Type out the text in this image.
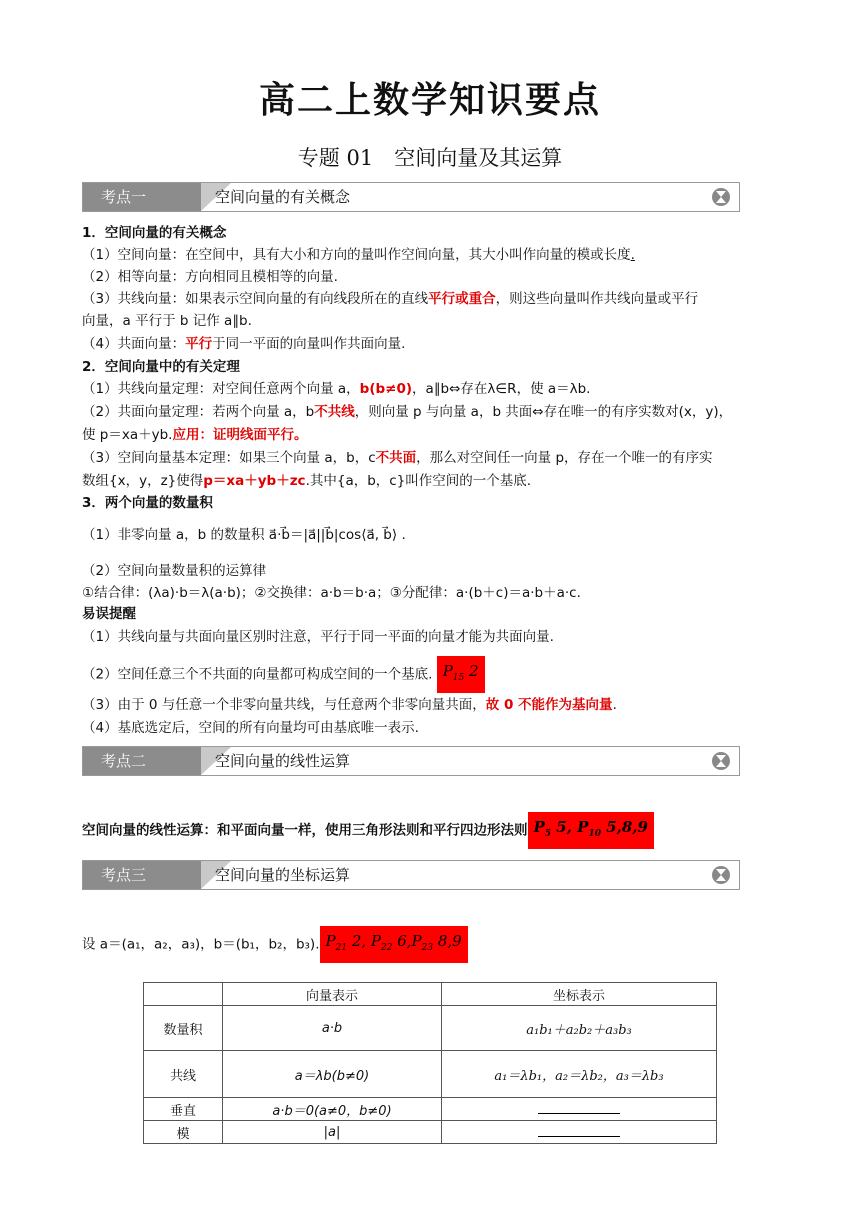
高二上数学知识要点
专题 01　空间向量及其运算
考点一	空间向量的有关概念
1．空间向量的有关概念
（1）空间向量：在空间中，具有大小和方向的量叫作空间向量，其大小叫作向量的模或长度.
（2）相等向量：方向相同且模相等的向量.
（3）共线向量：如果表示空间向量的有向线段所在的直线平行或重合，则这些向量叫作共线向量或平行
向量，a 平行于 b 记作 a∥b.
（4）共面向量：平行于同一平面的向量叫作共面向量.
2．空间向量中的有关定理
（1）共线向量定理：对空间任意两个向量 a，b(b≠0)，a∥b⇔存在λ∈R，使 a＝λb.
（2）共面向量定理：若两个向量 a，b不共线，则向量 p 与向量 a，b 共面⇔存在唯一的有序实数对(x，y)，
使 p＝xa＋yb.应用：证明线面平行。
（3）空间向量基本定理：如果三个向量 a，b，c不共面，那么对空间任一向量 p，存在一个唯一的有序实
数组{x，y，z}使得p＝xa＋yb＋zc.其中{a，b，c}叫作空间的一个基底.
3．两个向量的数量积
（1）非零向量 a，b 的数量积 a⃗·b⃗＝|a⃗||b⃗|cos⟨a⃗, b⃗⟩ .
（2）空间向量数量积的运算律
①结合律：(λa)·b＝λ(a·b)；②交换律：a·b＝b·a；③分配律：a·(b＋c)＝a·b＋a·c.
易误提醒
（1）共线向量与共面向量区别时注意，平行于同一平面的向量才能为共面向量.
（2）空间任意三个不共面的向量都可构成空间的一个基底. $P_{15}$ 2
（3）由于 0 与任意一个非零向量共线，与任意两个非零向量共面，故 0 不能作为基向量.
（4）基底选定后，空间的所有向量均可由基底唯一表示.
考点二	空间向量的线性运算
空间向量的线性运算：和平面向量一样，使用三角形法则和平行四边形法则 $P_5$ 5, $P_{10}$ 5,8,9
考点三	空间向量的坐标运算
设 a＝(a₁，a₂，a₃)，b＝(b₁，b₂，b₃). $P_{21}$ 2, $P_{22}$ $6,P_{23}$ 8,9
	向量表示	坐标表示
数量积	a·b	a₁b₁＋a₂b₂＋a₃b₃
共线	a＝λb(b≠0)	a₁＝λb₁，a₂＝λb₂，a₃＝λb₃
垂直	a·b＝0(a≠0，b≠0)	
模	|a|	
